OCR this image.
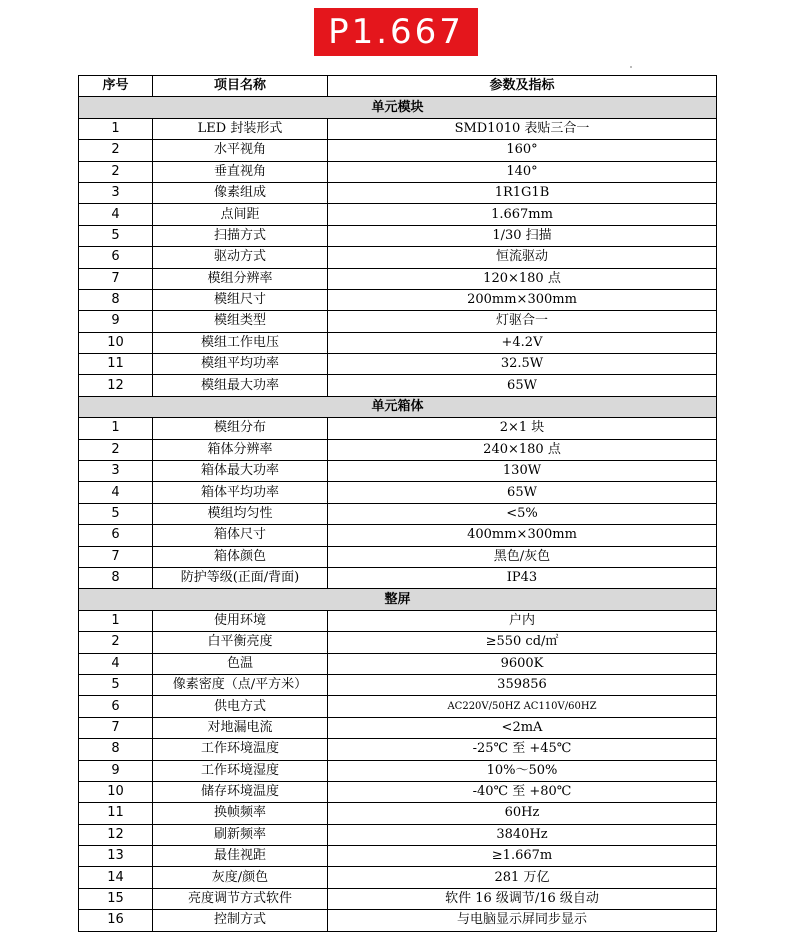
P1.667
序号	项目名称	参数及指标
单元模块		
1	LED 封装形式	SMD1010 表贴三合一
2	水平视角	160°
2	垂直视角	140°
3	像素组成	1R1G1B
4	点间距	1.667mm
5	扫描方式	1/30 扫描
6	驱动方式	恒流驱动
7	模组分辨率	120×180 点
8	模组尺寸	200mm×300mm
9	模组类型	灯驱合一
10	模组工作电压	+4.2V
11	模组平均功率	32.5W
12	模组最大功率	65W
单元箱体		
1	模组分布	2×1 块
2	箱体分辨率	240×180 点
3	箱体最大功率	130W
4	箱体平均功率	65W
5	模组均匀性	<5%
6	箱体尺寸	400mm×300mm
7	箱体颜色	黑色/灰色
8	防护等级(正面/背面)	IP43
整屏		
1	使用环境	户内
2	白平衡亮度	≥550 cd/㎡
4	色温	9600K
5	像素密度（点/平方米）	359856
6	供电方式	AC220V/50HZ AC110V/60HZ
7	对地漏电流	<2mA
8	工作环境温度	-25℃ 至 +45℃
9	工作环境湿度	10%～50%
10	储存环境温度	-40℃ 至 +80℃
11	换帧频率	60Hz
12	刷新频率	3840Hz
13	最佳视距	≥1.667m
14	灰度/颜色	281 万亿
15	亮度调节方式软件	软件 16 级调节/16 级自动
16	控制方式	与电脑显示屏同步显示
